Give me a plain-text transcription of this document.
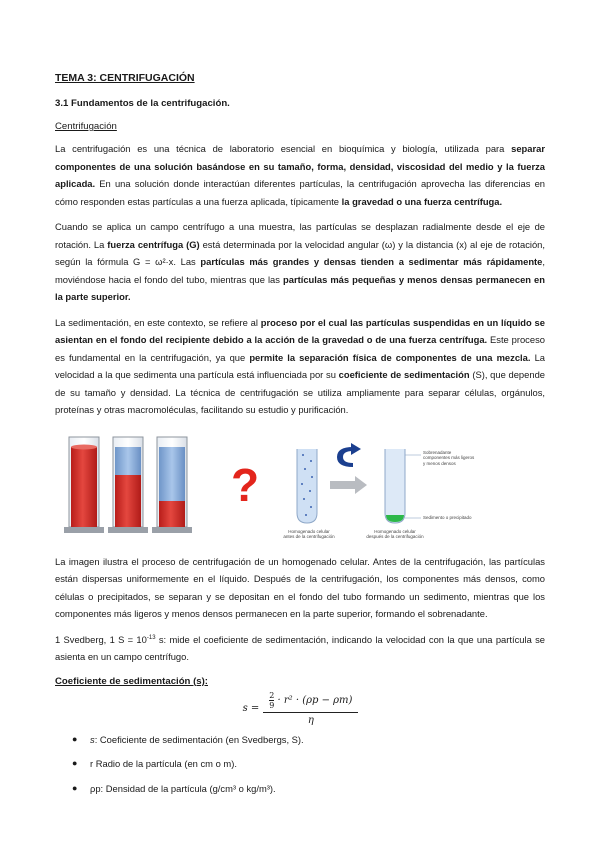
TEMA 3: CENTRIFUGACIÓN

3.1 Fundamentos de la centrifugación.

Centrifugación

La centrifugación es una técnica de laboratorio esencial en bioquímica y biología, utilizada para separar componentes de una solución basándose en su tamaño, forma, densidad, viscosidad del medio y la fuerza aplicada. En una solución donde interactúan diferentes partículas, la centrifugación aprovecha las diferencias en cómo responden estas partículas a una fuerza aplicada, típicamente la gravedad o una fuerza centrífuga.

Cuando se aplica un campo centrífugo a una muestra, las partículas se desplazan radialmente desde el eje de rotación. La fuerza centrífuga (G) está determinada por la velocidad angular (ω) y la distancia (x) al eje de rotación, según la fórmula G = ω²·x. Las partículas más grandes y densas tienden a sedimentar más rápidamente, moviéndose hacia el fondo del tubo, mientras que las partículas más pequeñas y menos densas permanecen en la parte superior.

La sedimentación, en este contexto, se refiere al proceso por el cual las partículas suspendidas en un líquido se asientan en el fondo del recipiente debido a la acción de la gravedad o de una fuerza centrífuga. Este proceso es fundamental en la centrifugación, ya que permite la separación física de componentes de una mezcla. La velocidad a la que sedimenta una partícula está influenciada por su coeficiente de sedimentación (S), que depende de su tamaño y densidad. La técnica de centrifugación se utiliza ampliamente para separar células, orgánulos, proteínas y otras macromoléculas, facilitando su estudio y purificación.

?
Homogenado celular
antes de la centrifugación
Homogenado celular
después de la centrifugación
Sobrenadante
componentes más ligeros
y menos densos
Sedimento o precipitado

La imagen ilustra el proceso de centrifugación de un homogenado celular. Antes de la centrifugación, las partículas están dispersas uniformemente en el líquido. Después de la centrifugación, los componentes más densos, como células o precipitados, se separan y se depositan en el fondo del tubo formando un sedimento, mientras que los componentes más ligeros y menos densos permanecen en la parte superior, formando el sobrenadante.

1 Svedberg, 1 $S = 10^{-13}$ s: mide el coeficiente de sedimentación, indicando la velocidad con la que una partícula se asienta en un campo centrífugo.

Coeficiente de sedimentación (s):

s =	$\frac{2}{9} \cdot r^2 \cdot (\rho p - \rho m)$
η
● s: Coeficiente de sedimentación (en Svedbergs, S).
● r Radio de la partícula (en cm o m).
● ρp: Densidad de la partícula (g/cm³ o kg/m³).
